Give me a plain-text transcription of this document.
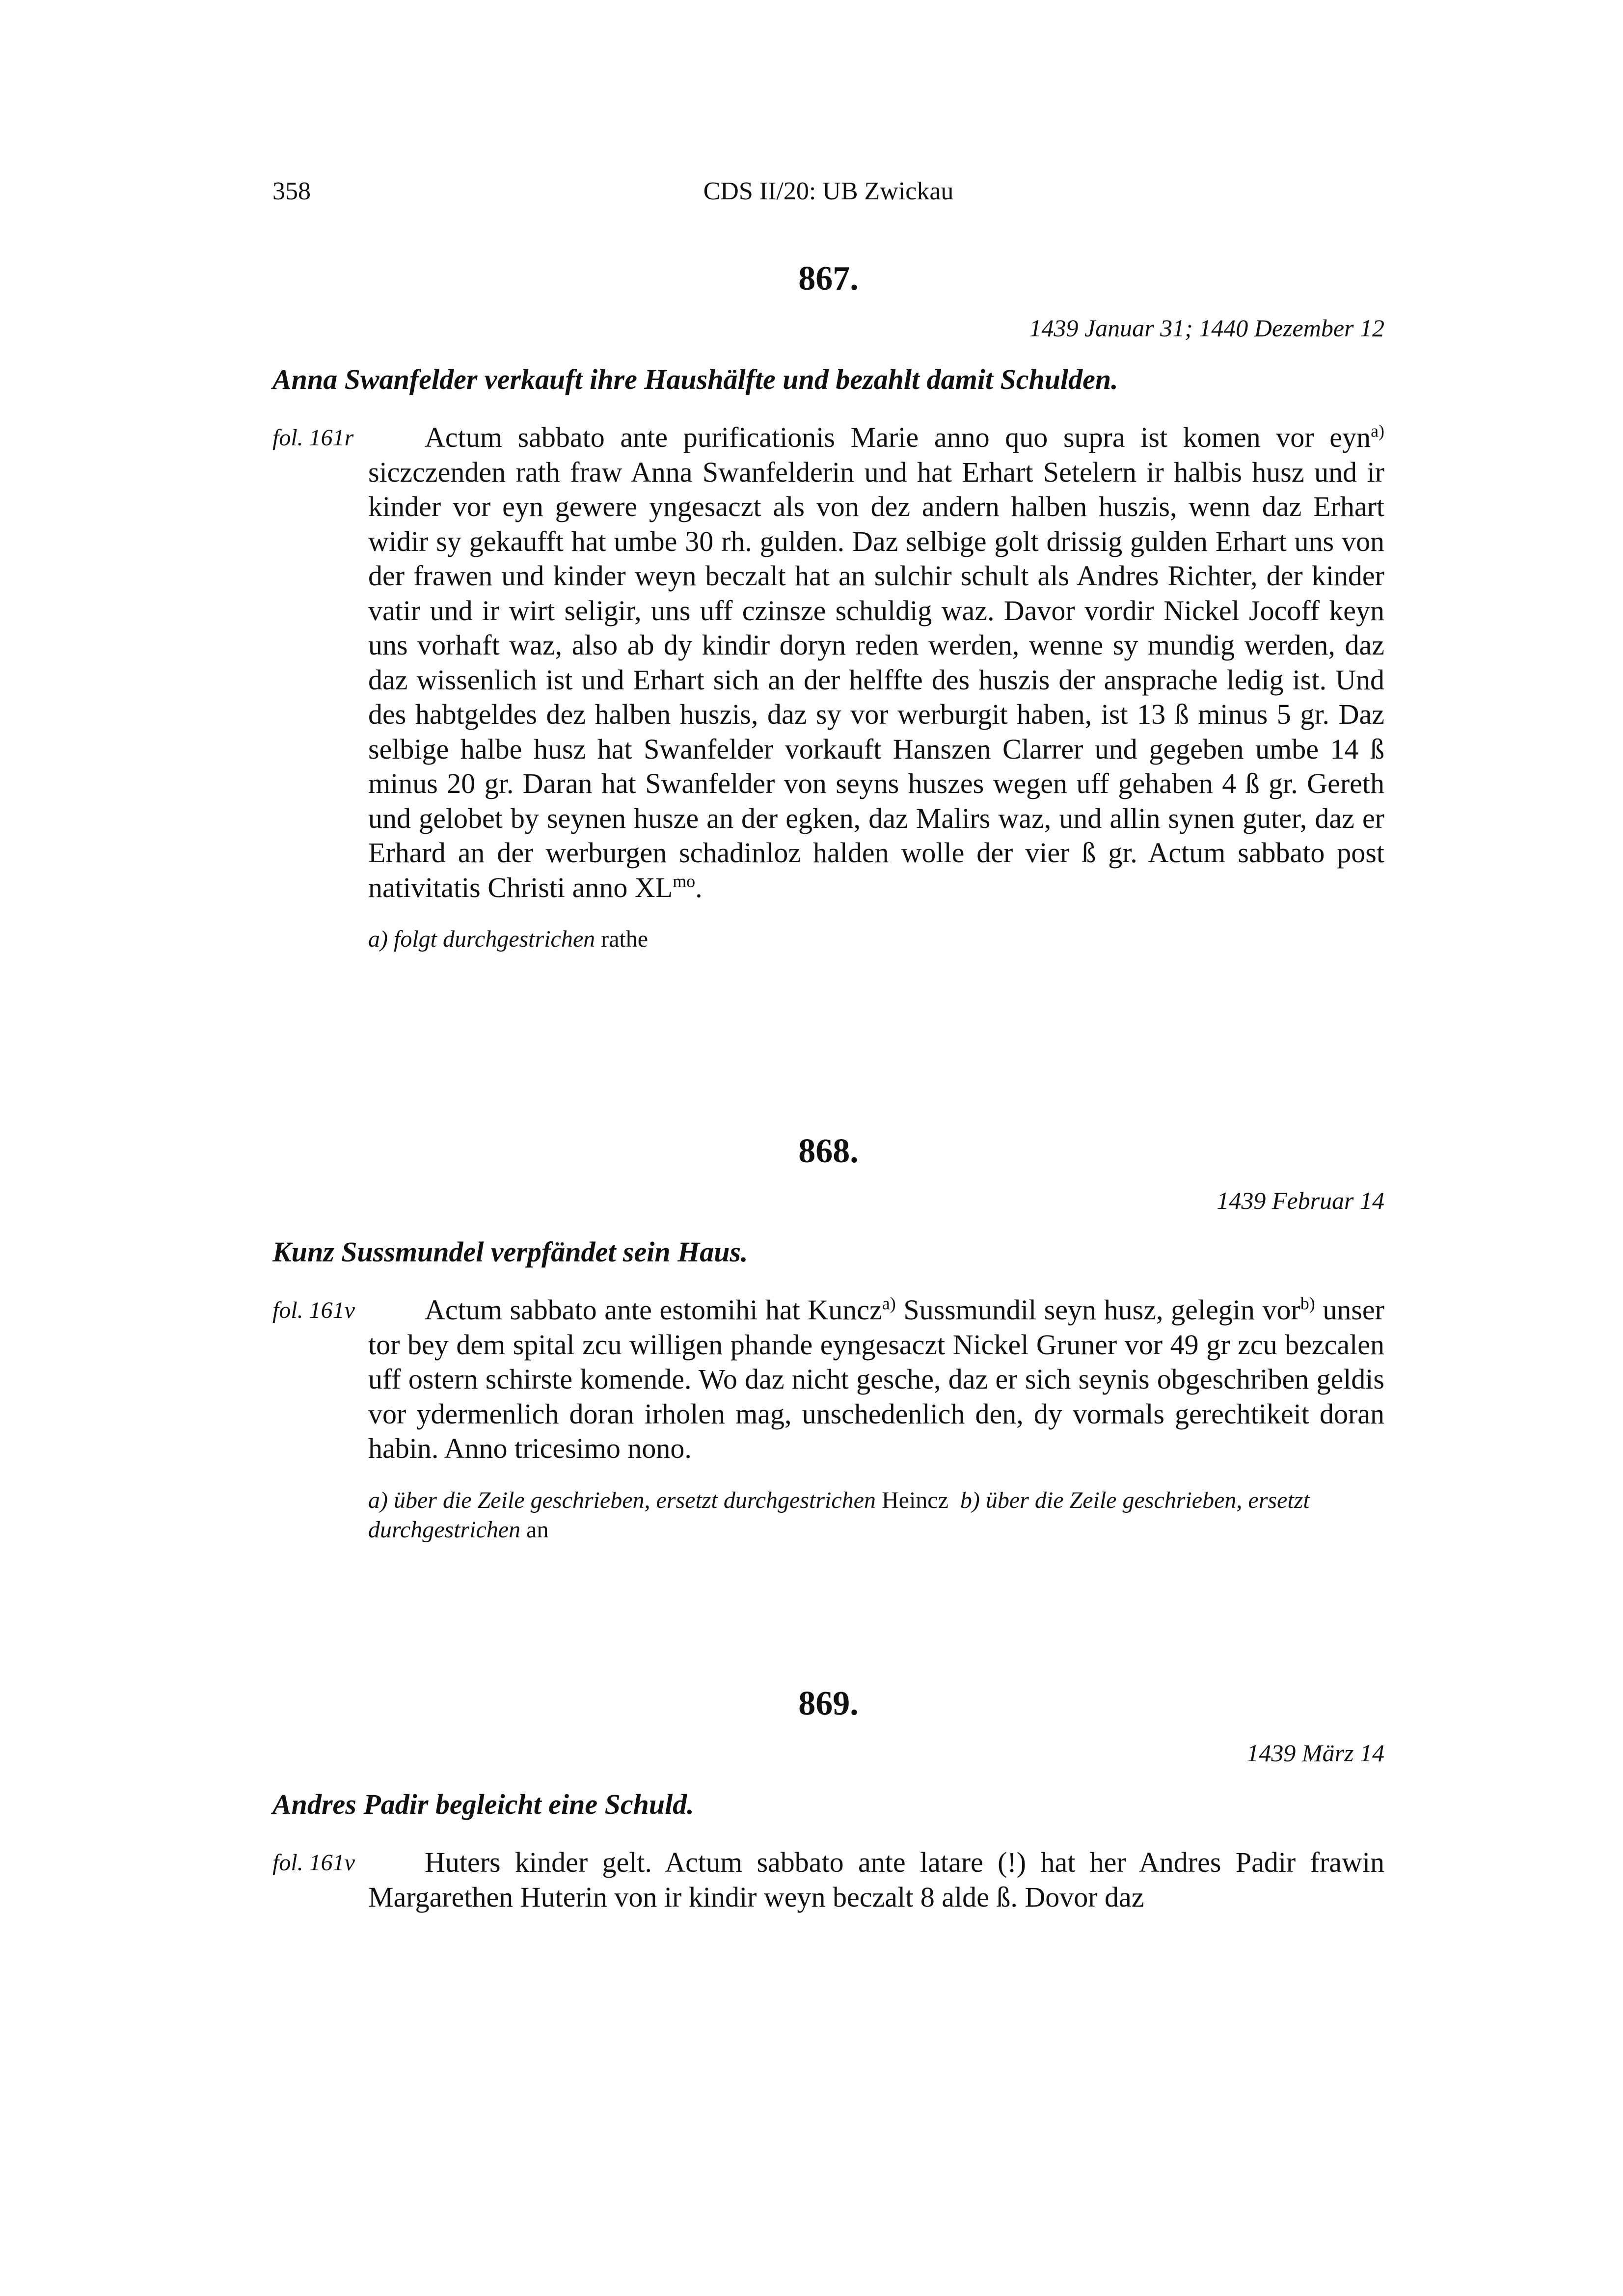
358	CDS II/20: UB Zwickau
867.
1439 Januar 31; 1440 Dezember 12
Anna Swanfelder verkauft ihre Haushälfte und bezahlt damit Schulden.
fol. 161r	Actum sabbato ante purificationis Marie anno quo supra ist komen vor eyn$^{a)}$ siczczenden rath fraw Anna Swanfelderin und hat Erhart Setelern ir halbis husz und ir kinder vor eyn gewere yngesaczt als von dez andern halben huszis, wenn daz Erhart widir sy gekaufft hat umbe 30 rh. gulden. Daz selbige golt drissig gulden Erhart uns von der frawen und kinder weyn beczalt hat an sulchir schult als Andres Richter, der kinder vatir und ir wirt seligir, uns uff czinsze schuldig waz. Davor vordir Nickel Jocoff keyn uns vorhaft waz, also ab dy kindir doryn reden werden, wenne sy mundig werden, daz daz wissenlich ist und Erhart sich an der helffte des huszis der ansprache ledig ist. Und des habtgeldes dez halben huszis, daz sy vor werburgit haben, ist 13 ß minus 5 gr. Daz selbige halbe husz hat Swanfelder vorkauft Hanszen Clarrer und gegeben umbe 14 ß minus 20 gr. Daran hat Swanfelder von seyns huszes wegen uff gehaben 4 ß gr. Gereth und gelobet by seynen husze an der egken, daz Malirs waz, und allin synen guter, daz er Erhard an der werburgen schadinloz halden wolle der vier ß gr. Actum sabbato post nativitatis Christi anno $XL^{mo}$.
a) folgt durchgestrichen rathe
868.
1439 Februar 14
Kunz Sussmundel verpfändet sein Haus.
fol. 161v	Actum sabbato ante estomihi hat Kuncz$^{a)}$ Sussmundil seyn husz, gelegin vor$^{b)}$ unser tor bey dem spital zcu willigen phande eyngesaczt Nickel Gruner vor 49 gr zcu bezcalen uff ostern schirste komende. Wo daz nicht gesche, daz er sich seynis obgeschriben geldis vor ydermenlich doran irholen mag, unschedenlich den, dy vormals gerechtikeit doran habin. Anno tricesimo nono.
a) über die Zeile geschrieben, ersetzt durchgestrichen Heincz b) über die Zeile geschrieben, ersetzt durchgestrichen an
869.
1439 März 14
Andres Padir begleicht eine Schuld.
fol. 161v	Huters kinder gelt. Actum sabbato ante latare (!) hat her Andres Padir frawin Margarethen Huterin von ir kindir weyn beczalt 8 alde ß. Dovor daz
